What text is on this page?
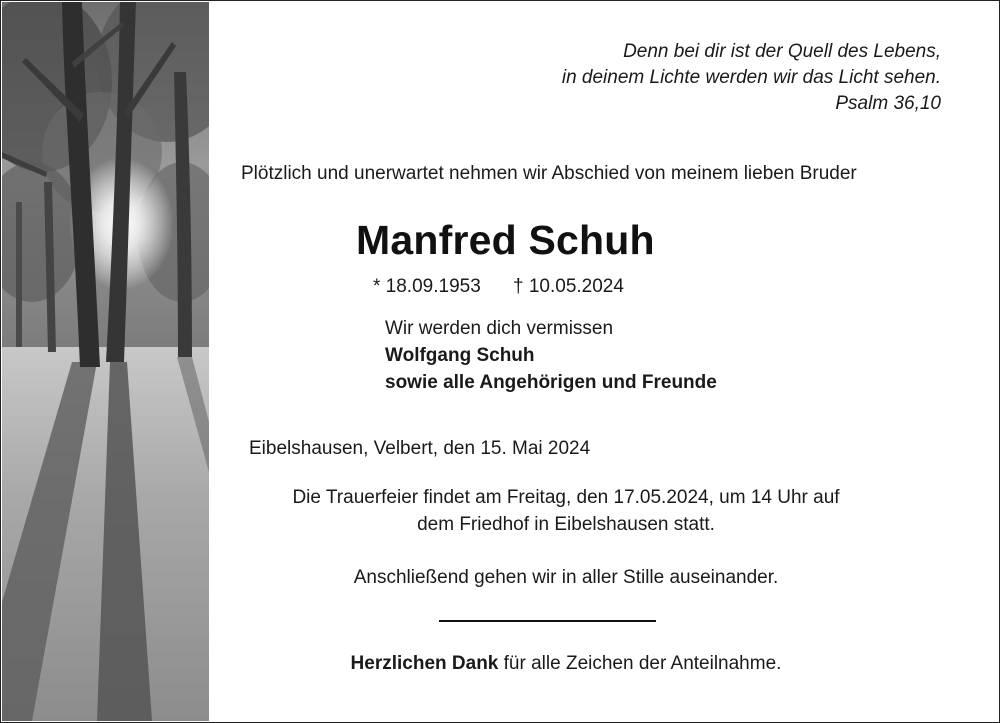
Denn bei dir ist der Quell des Lebens,
in deinem Lichte werden wir das Licht sehen.
Psalm 36,10
Plötzlich und unerwartet nehmen wir Abschied von meinem lieben Bruder
Manfred Schuh
* 18.09.1953 † 10.05.2024
Wir werden dich vermissen
Wolfgang Schuh
sowie alle Angehörigen und Freunde
Eibelshausen, Velbert, den 15. Mai 2024
Die Trauerfeier findet am Freitag, den 17.05.2024, um 14 Uhr auf
dem Friedhof in Eibelshausen statt.
Anschließend gehen wir in aller Stille auseinander.
Herzlichen Dank für alle Zeichen der Anteilnahme.
